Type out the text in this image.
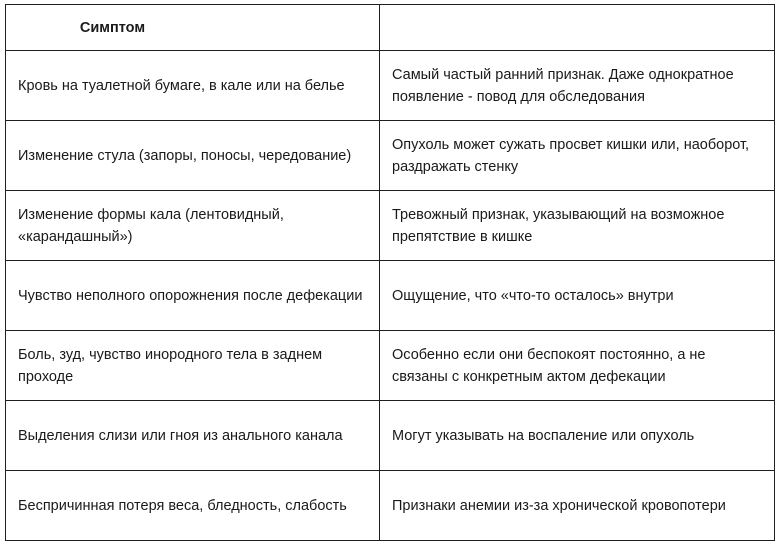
Симптом	
Кровь на туалетной бумаге, в кале или на белье	Самый частый ранний признак. Даже однократное появление - повод для обследования
Изменение стула (запоры, поносы, чередование)	Опухоль может сужать просвет кишки или, наоборот, раздражать стенку
Изменение формы кала (лентовидный, «карандашный»)	Тревожный признак, указывающий на возможное препятствие в кишке
Чувство неполного опорожнения после дефекации	Ощущение, что «что-то осталось» внутри
Боль, зуд, чувство инородного тела в заднем проходе	Особенно если они беспокоят постоянно, а не связаны с конкретным актом дефекации
Выделения слизи или гноя из анального канала	Могут указывать на воспаление или опухоль
Беспричинная потеря веса, бледность, слабость	Признаки анемии из-за хронической кровопотери
